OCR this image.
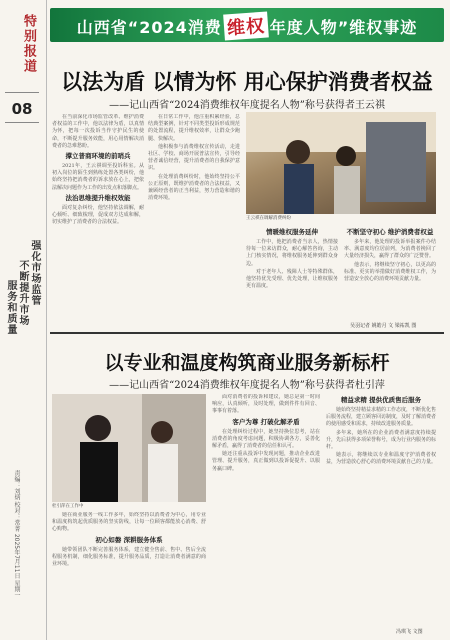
特别报道
08
强化市场监管
不断提升市场
服务和质量
责编：刘炳 校对：常菁 2025年7月11日 星期一
山西省“2024消费 维权 年度人物”维权事迹
以法为盾 以情为怀 用心保护消费者权益
——记山西省“2024消费维权年度提名人物”称号获得者王云祺

在当前深化市场监管改革、维护消费者权益的工作中，他以法律为盾，以真情为怀，把每一次投诉当作守护民生的使命，不断提升服务效能，用心用情解决消费者的急难愁盼。

撑立普商环境的前哨兵

2021年，王云祺调至投诉科室。从初入岗位的陌生到熟练处置各类纠纷，他始终坚持把消费者的诉求放在心上，把依法解决问题作为工作的出发点和落脚点。

法治思维提升维权效能

面对复杂纠纷，他坚持依法调解，耐心倾听、细致梳理，促成双方达成和解，切实维护了消费者的合法权益。

在日常工作中，他注重积累经验，总结典型案例，针对不同类型投诉形成规范的处置流程，提升维权效率，让群众少跑腿、快解决。

他积极参与消费维权宣传活动，走进社区、学校、商场开展普法宣传，引导经营者诚信经营，提升消费者的自我保护意识。

在处理消费纠纷时，他始终坚持公平公正原则，既维护消费者的合法权益，又兼顾经营者的正当利益，努力营造和谐的消费环境。

王云祺在调解消费纠纷
情暖维权服务延伸

工作中，他把消费者当亲人，热情接待每一位来访群众，耐心解答咨询，主动上门核实情况，将维权服务延伸到群众身边。

对于老年人、残障人士等特殊群体，他坚持优先受理、优先处理，让维权服务更有温度。

不断坚守初心 维护消费者权益

多年来，他处理的投诉举报案件办结率、满意度均位居前列，为消费者挽回了大量经济损失，赢得了群众的广泛赞誉。

他表示，将继续坚守初心，以更高的标准、更实的举措做好消费维权工作，为营造安全放心的消费环境贡献力量。

吴羽记者 姚皓月 文 梁祐凯 图
以专业和温度构筑商业服务新标杆
——记山西省“2024消费维权年度提名人物”称号获得者杜引萍
杜引萍在工作中

她在商业服务一线工作多年，始终坚持以消费者为中心，用专业和温度构筑起优质服务的坚实防线，让每一位顾客都能放心消费、舒心购物。

初心如磐 深耕服务体系

她带领团队不断完善服务体系，建立健全售前、售中、售后全流程服务机制，细化服务标准，提升服务品质，打造让消费者满意的商业环境。

面对消费者的投诉和建议，她总是第一时间响应，认真倾听，及时处理，做到件件有回音、事事有着落。

客户为尊 打破化解矛盾

在处理纠纷过程中，她坚持换位思考，站在消费者的角度考虑问题，积极协调各方，妥善化解矛盾，赢得了消费者的信任和认可。

她还注重从投诉中发现问题，推动企业改进管理、提升服务，真正做到以投诉促提升、以服务赢口碑。

精益求精 提供优质售后服务

她始终坚持精益求精的工作态度，不断优化售后服务流程，建立顾客回访制度，及时了解消费者的使用感受和需求，持续改进服务质量。

多年来，她所在的企业消费者满意度持续提升，先后获得多项荣誉称号，成为行业内服务的标杆。

她表示，将继续以专业和温度守护消费者权益，为营造放心舒心的消费环境贡献自己的力量。

冯琪飞 文图
